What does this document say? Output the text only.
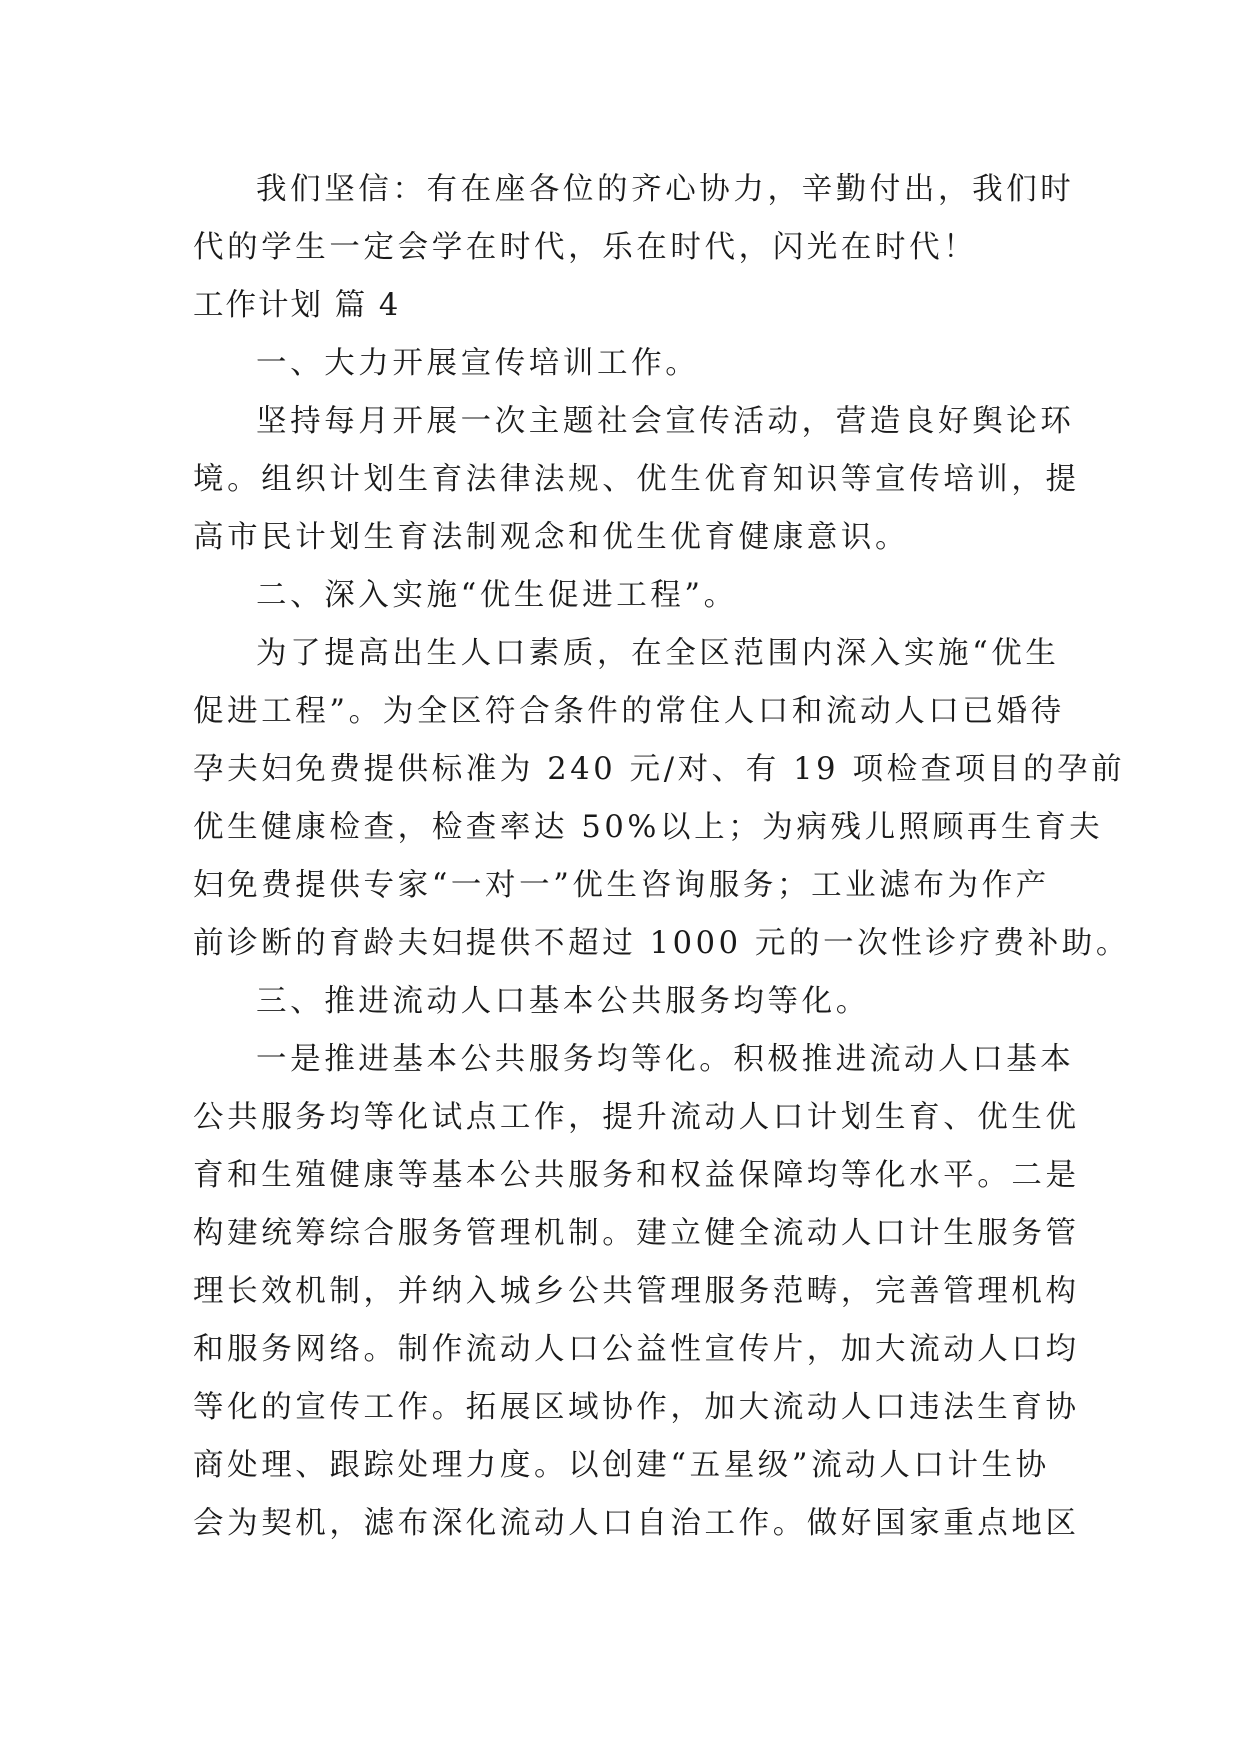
我们坚信：有在座各位的齐心协力，辛勤付出，我们时
代的学生一定会学在时代，乐在时代，闪光在时代！
工作计划 篇 4
一、大力开展宣传培训工作。
坚持每月开展一次主题社会宣传活动，营造良好舆论环
境。组织计划生育法律法规、优生优育知识等宣传培训，提
高市民计划生育法制观念和优生优育健康意识。
二、深入实施“优生促进工程”。
为了提高出生人口素质，在全区范围内深入实施“优生
促进工程”。为全区符合条件的常住人口和流动人口已婚待
孕夫妇免费提供标准为 240 元/对、有 19 项检查项目的孕前
优生健康检查，检查率达 50%以上；为病残儿照顾再生育夫
妇免费提供专家“一对一”优生咨询服务；工业滤布为作产
前诊断的育龄夫妇提供不超过 1000 元的一次性诊疗费补助。
三、推进流动人口基本公共服务均等化。
一是推进基本公共服务均等化。积极推进流动人口基本
公共服务均等化试点工作，提升流动人口计划生育、优生优
育和生殖健康等基本公共服务和权益保障均等化水平。二是
构建统筹综合服务管理机制。建立健全流动人口计生服务管
理长效机制，并纳入城乡公共管理服务范畴，完善管理机构
和服务网络。制作流动人口公益性宣传片，加大流动人口均
等化的宣传工作。拓展区域协作，加大流动人口违法生育协
商处理、跟踪处理力度。以创建“五星级”流动人口计生协
会为契机，滤布深化流动人口自治工作。做好国家重点地区
